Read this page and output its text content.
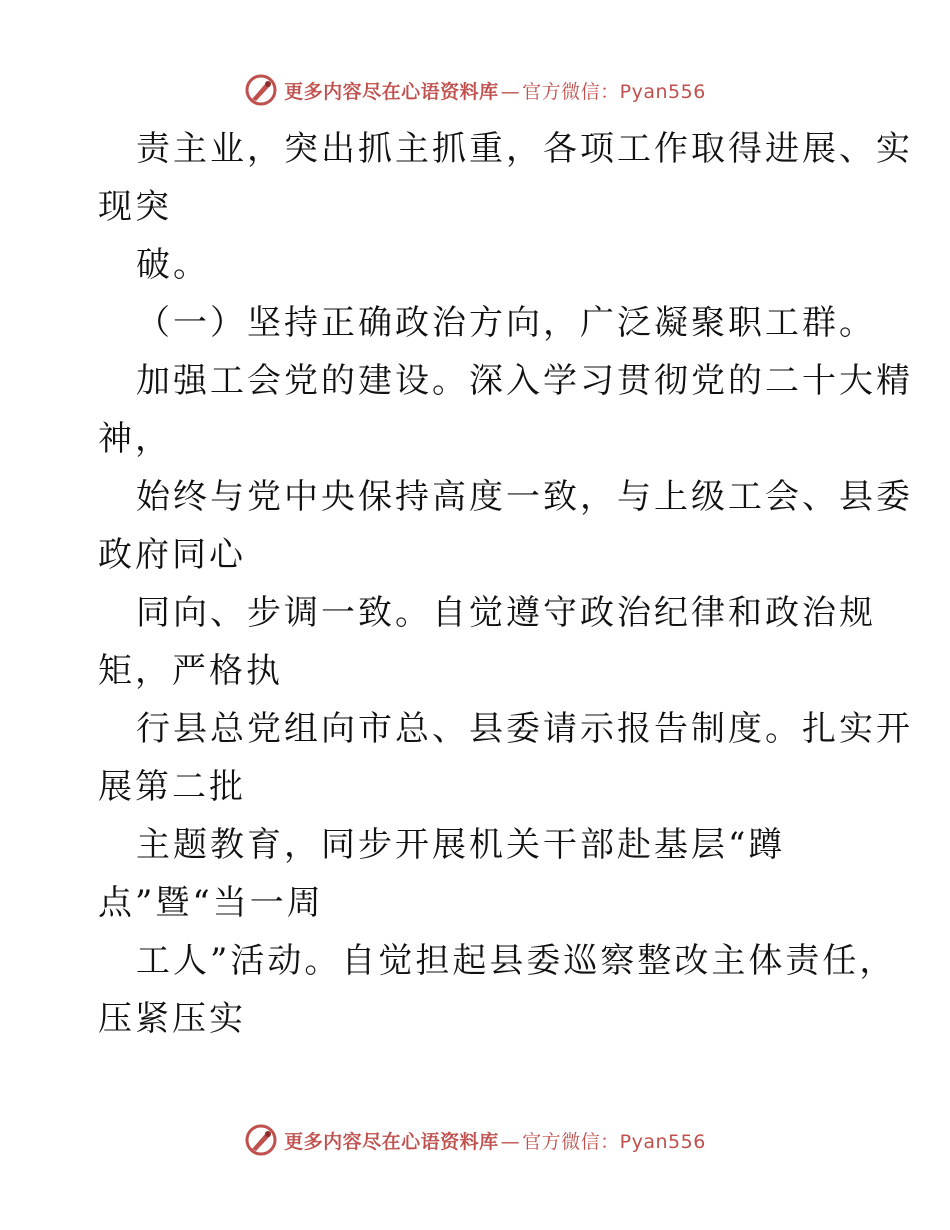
更多内容尽在心语资料库 — 官方微信：Pyan556

责主业，突出抓主抓重，各项工作取得进展、实

现突

破。

（一）坚持正确政治方向，广泛凝聚职工群。

加强工会党的建设。深入学习贯彻党的二十大精

神，

始终与党中央保持高度一致，与上级工会、县委

政府同心

同向、步调一致。自觉遵守政治纪律和政治规

矩，严格执

行县总党组向市总、县委请示报告制度。扎实开

展第二批

主题教育，同步开展机关干部赴基层“蹲

点”暨“当一周

工人”活动。自觉担起县委巡察整改主体责任，

压紧压实

更多内容尽在心语资料库 — 官方微信：Pyan556
